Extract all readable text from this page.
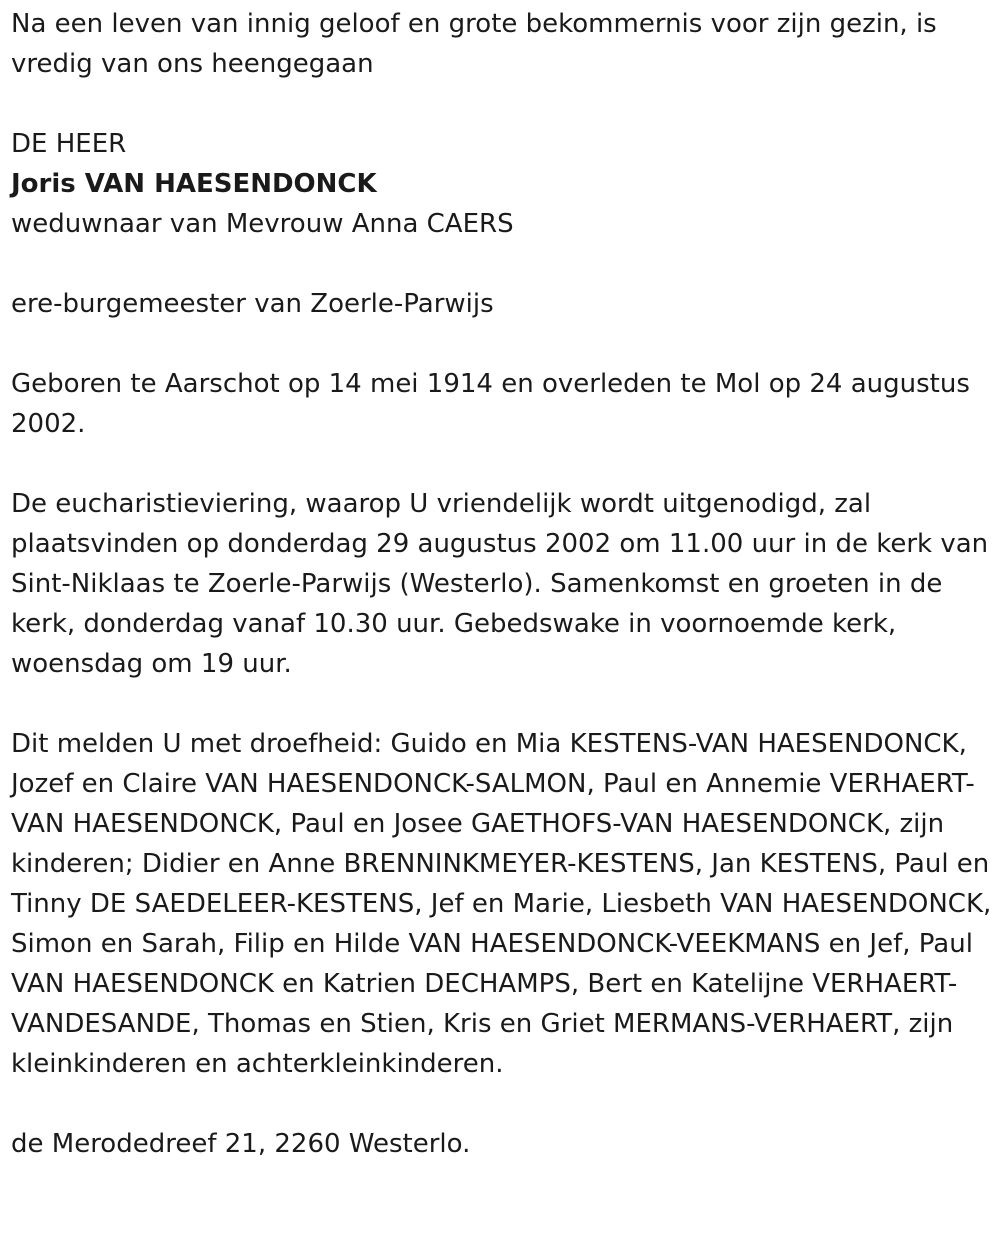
Na een leven van innig geloof en grote bekommernis voor zijn gezin, is vredig van ons heengegaan

DE HEER

Joris VAN HAESENDONCK

weduwnaar van Mevrouw Anna CAERS

ere-burgemeester van Zoerle-Parwijs

Geboren te Aarschot op 14 mei 1914 en overleden te Mol op 24 augustus 2002.

De eucharistieviering, waarop U vriendelijk wordt uitgenodigd, zal plaatsvinden op donderdag 29 augustus 2002 om 11.00 uur in de kerk van Sint-Niklaas te Zoerle-Parwijs (Westerlo). Samenkomst en groeten in de kerk, donderdag vanaf 10.30 uur. Gebedswake in voornoemde kerk, woensdag om 19 uur.

Dit melden U met droefheid: Guido en Mia KESTENS-VAN HAESENDONCK, Jozef en Claire VAN HAESENDONCK-SALMON, Paul en Annemie VERHAERT-VAN HAESENDONCK, Paul en Josee GAETHOFS-VAN HAESENDONCK, zijn kinderen; Didier en Anne BRENNINKMEYER-KESTENS, Jan KESTENS, Paul en Tinny DE SAEDELEER-KESTENS, Jef en Marie, Liesbeth VAN HAESENDONCK, Simon en Sarah, Filip en Hilde VAN HAESENDONCK-VEEKMANS en Jef, Paul VAN HAESENDONCK en Katrien DECHAMPS, Bert en Katelijne VERHAERT-VANDESANDE, Thomas en Stien, Kris en Griet MERMANS-VERHAERT, zijn kleinkinderen en achterkleinkinderen.

de Merodedreef 21, 2260 Westerlo.
